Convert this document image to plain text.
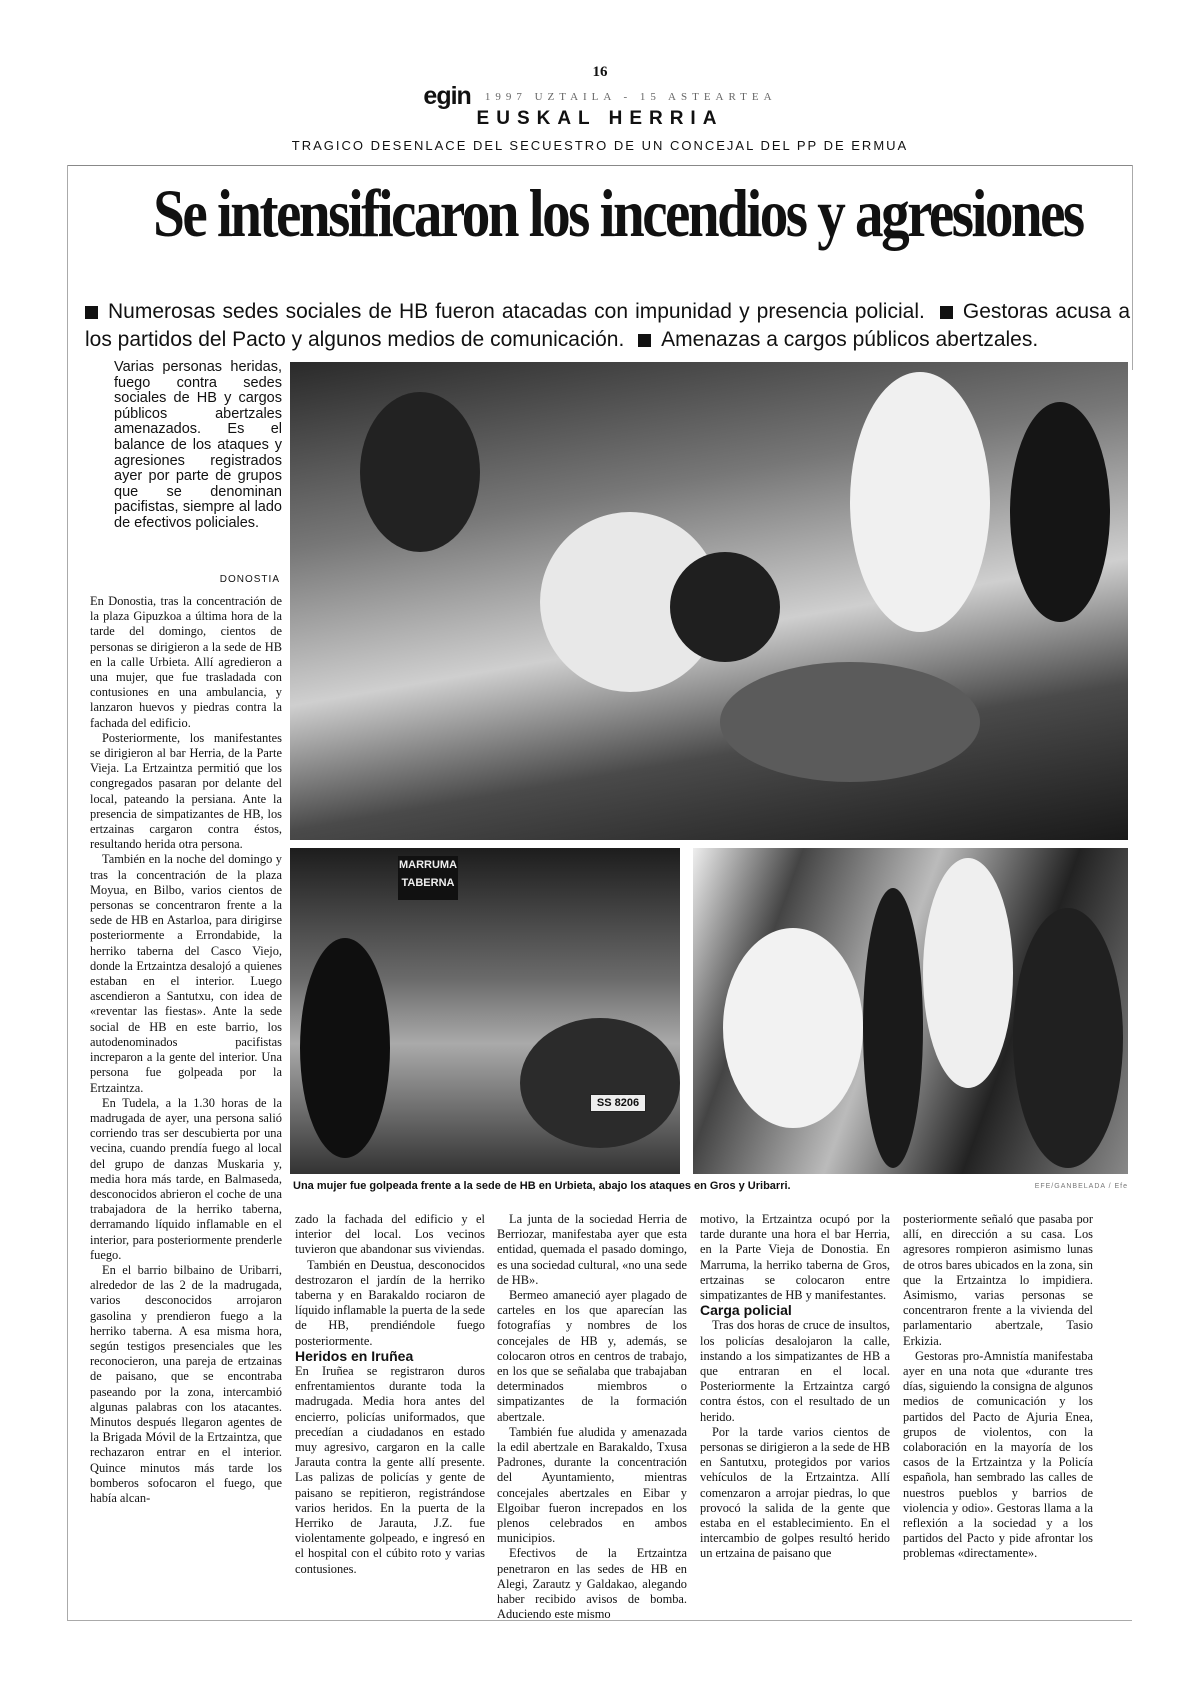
16
egin 1997 UZTAILA - 15 ASTEARTEA
EUSKAL HERRIA
TRAGICO DESENLACE DEL SECUESTRO DE UN CONCEJAL DEL PP DE ERMUA
Se intensificaron los incendios y agresiones
Numerosas sedes sociales de HB fueron atacadas con impunidad y presencia policial. Gestoras acusa a los partidos del Pacto y algunos medios de comunicación. Amenazas a cargos públicos abertzales.
Varias personas heridas, fuego contra sedes sociales de HB y cargos públicos abertzales amenazados. Es el balance de los ataques y agresiones registrados ayer por parte de grupos que se denominan pacifistas, siempre al lado de efectivos policiales.
DONOSTIA

En Donostia, tras la concentración de la plaza Gipuzkoa a última hora de la tarde del domingo, cientos de personas se dirigieron a la sede de HB en la calle Urbieta. Allí agredieron a una mujer, que fue trasladada con contusiones en una ambulancia, y lanzaron huevos y piedras contra la fachada del edificio.

Posteriormente, los manifestantes se dirigieron al bar Herria, de la Parte Vieja. La Ertzaintza permitió que los congregados pasaran por delante del local, pateando la persiana. Ante la presencia de simpatizantes de HB, los ertzainas cargaron contra éstos, resultando herida otra persona.

También en la noche del domingo y tras la concentración de la plaza Moyua, en Bilbo, varios cientos de personas se concentraron frente a la sede de HB en Astarloa, para dirigirse posteriormente a Errondabide, la herriko taberna del Casco Viejo, donde la Ertzaintza desalojó a quienes estaban en el interior. Luego ascendieron a Santutxu, con idea de «reventar las fiestas». Ante la sede social de HB en este barrio, los autodenominados pacifistas increparon a la gente del interior. Una persona fue golpeada por la Ertzaintza.

En Tudela, a la 1.30 horas de la madrugada de ayer, una persona salió corriendo tras ser descubierta por una vecina, cuando prendía fuego al local del grupo de danzas Muskaria y, media hora más tarde, en Balmaseda, desconocidos abrieron el coche de una trabajadora de la herriko taberna, derramando líquido inflamable en el interior, para posteriormente prenderle fuego.

En el barrio bilbaino de Uribarri, alrededor de las 2 de la madrugada, varios desconocidos arrojaron gasolina y prendieron fuego a la herriko taberna. A esa misma hora, según testigos presenciales que les reconocieron, una pareja de ertzainas de paisano, que se encontraba paseando por la zona, intercambió algunas palabras con los atacantes. Minutos después llegaron agentes de la Brigada Móvil de la Ertzaintza, que rechazaron entrar en el interior. Quince minutos más tarde los bomberos sofocaron el fuego, que había alcan-

MARRUMA
TABERNA
SS 8206
Una mujer fue golpeada frente a la sede de HB en Urbieta, abajo los ataques en Gros y Uribarri.	EFE/GANBELADA / Efe

zado la fachada del edificio y el interior del local. Los vecinos tuvieron que abandonar sus viviendas.

También en Deustua, desconocidos destrozaron el jardín de la herriko taberna y en Barakaldo rociaron de líquido inflamable la puerta de la sede de HB, prendiéndole fuego posteriormente.

Heridos en Iruñea

En Iruñea se registraron duros enfrentamientos durante toda la madrugada. Media hora antes del encierro, policías uniformados, que precedían a ciudadanos en estado muy agresivo, cargaron en la calle Jarauta contra la gente allí presente. Las palizas de policías y gente de paisano se repitieron, registrándose varios heridos. En la puerta de la Herriko de Jarauta, J.Z. fue violentamente golpeado, e ingresó en el hospital con el cúbito roto y varias contusiones.

La junta de la sociedad Herria de Berriozar, manifestaba ayer que esta entidad, quemada el pasado domingo, es una sociedad cultural, «no una sede de HB».

Bermeo amaneció ayer plagado de carteles en los que aparecían las fotografías y nombres de los concejales de HB y, además, se colocaron otros en centros de trabajo, en los que se señalaba que trabajaban determinados miembros o simpatizantes de la formación abertzale.

También fue aludida y amenazada la edil abertzale en Barakaldo, Txusa Padrones, durante la concentración del Ayuntamiento, mientras concejales abertzales en Eibar y Elgoibar fueron increpados en los plenos celebrados en ambos municipios.

Efectivos de la Ertzaintza penetraron en las sedes de HB en Alegi, Zarautz y Galdakao, alegando haber recibido avisos de bomba. Aduciendo este mismo

motivo, la Ertzaintza ocupó por la tarde durante una hora el bar Herria, en la Parte Vieja de Donostia. En Marruma, la herriko taberna de Gros, ertzainas se colocaron entre simpatizantes de HB y manifestantes.

Carga policial

Tras dos horas de cruce de insultos, los policías desalojaron la calle, instando a los simpatizantes de HB a que entraran en el local. Posteriormente la Ertzaintza cargó contra éstos, con el resultado de un herido.

Por la tarde varios cientos de personas se dirigieron a la sede de HB en Santutxu, protegidos por varios vehículos de la Ertzaintza. Allí comenzaron a arrojar piedras, lo que provocó la salida de la gente que estaba en el establecimiento. En el intercambio de golpes resultó herido un ertzaina de paisano que

posteriormente señaló que pasaba por allí, en dirección a su casa. Los agresores rompieron asimismo lunas de otros bares ubicados en la zona, sin que la Ertzaintza lo impidiera. Asimismo, varias personas se concentraron frente a la vivienda del parlamentario abertzale, Tasio Erkizia.

Gestoras pro-Amnistía manifestaba ayer en una nota que «durante tres días, siguiendo la consigna de algunos medios de comunicación y los partidos del Pacto de Ajuria Enea, grupos de violentos, con la colaboración en la mayoría de los casos de la Ertzaintza y la Policía española, han sembrado las calles de nuestros pueblos y barrios de violencia y odio». Gestoras llama a la reflexión a la sociedad y a los partidos del Pacto y pide afrontar los problemas «directamente».
